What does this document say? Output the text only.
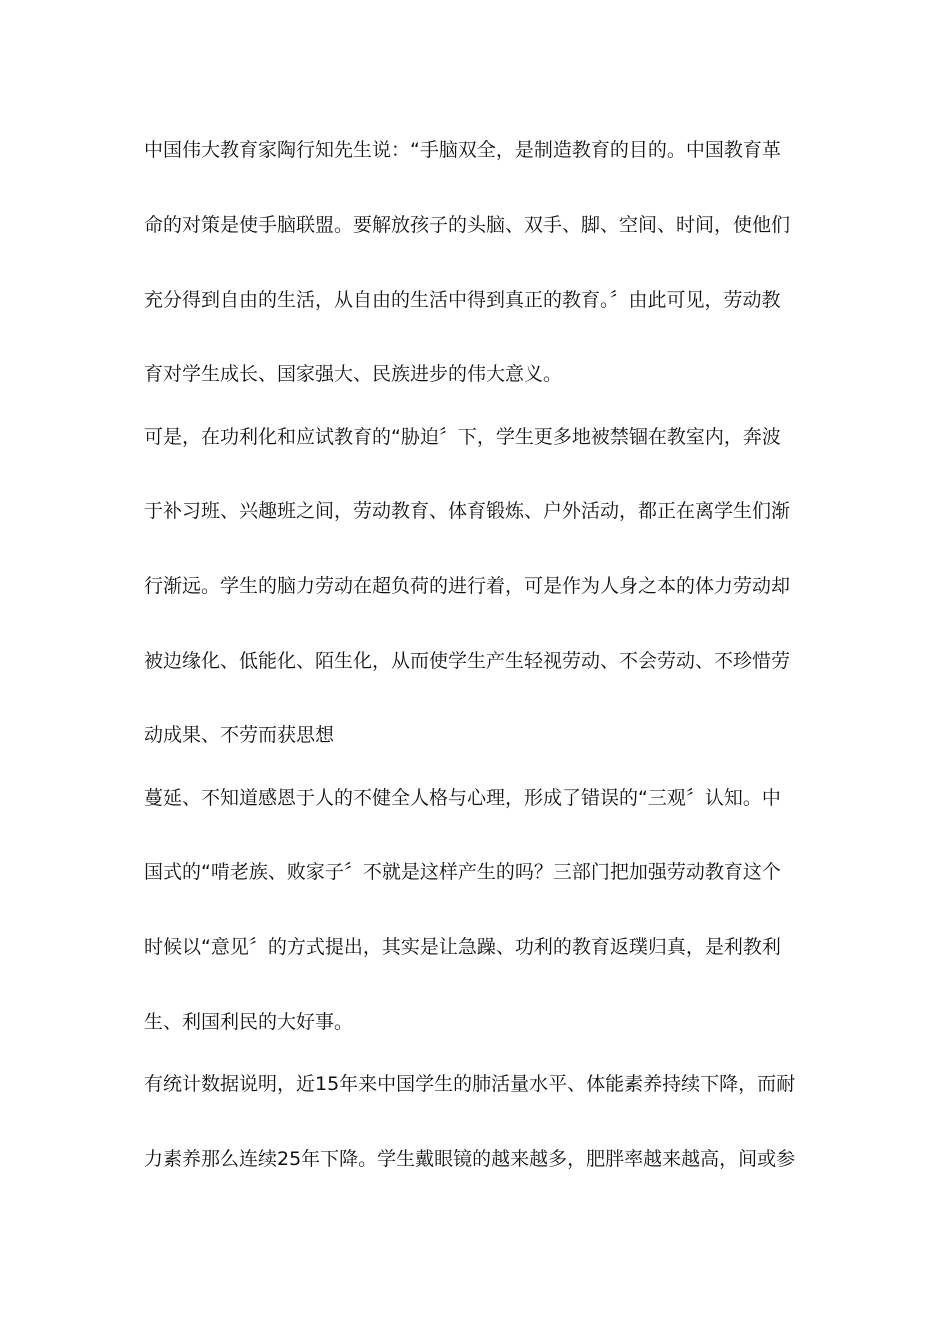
中国伟大教育家陶行知先生说：“手脑双全，是制造教育的目的。中国教育革
命的对策是使手脑联盟。要解放孩子的头脑、双手、脚、空间、时间，使他们
充分得到自由的生活，从自由的生活中得到真正的教育。〞由此可见，劳动教
育对学生成长、国家强大、民族进步的伟大意义。
可是，在功利化和应试教育的“胁迫〞下，学生更多地被禁锢在教室内，奔波
于补习班、兴趣班之间，劳动教育、体育锻炼、户外活动，都正在离学生们渐
行渐远。学生的脑力劳动在超负荷的进行着，可是作为人身之本的体力劳动却
被边缘化、低能化、陌生化，从而使学生产生轻视劳动、不会劳动、不珍惜劳
动成果、不劳而获思想
蔓延、不知道感恩于人的不健全人格与心理，形成了错误的“三观〞认知。中
国式的“啃老族、败家子〞不就是这样产生的吗？三部门把加强劳动教育这个
时候以“意见〞的方式提出，其实是让急躁、功利的教育返璞归真，是利教利
生、利国利民的大好事。
有统计数据说明，近15年来中国学生的肺活量水平、体能素养持续下降，而耐
力素养那么连续25年下降。学生戴眼镜的越来越多，肥胖率越来越高，间或参
